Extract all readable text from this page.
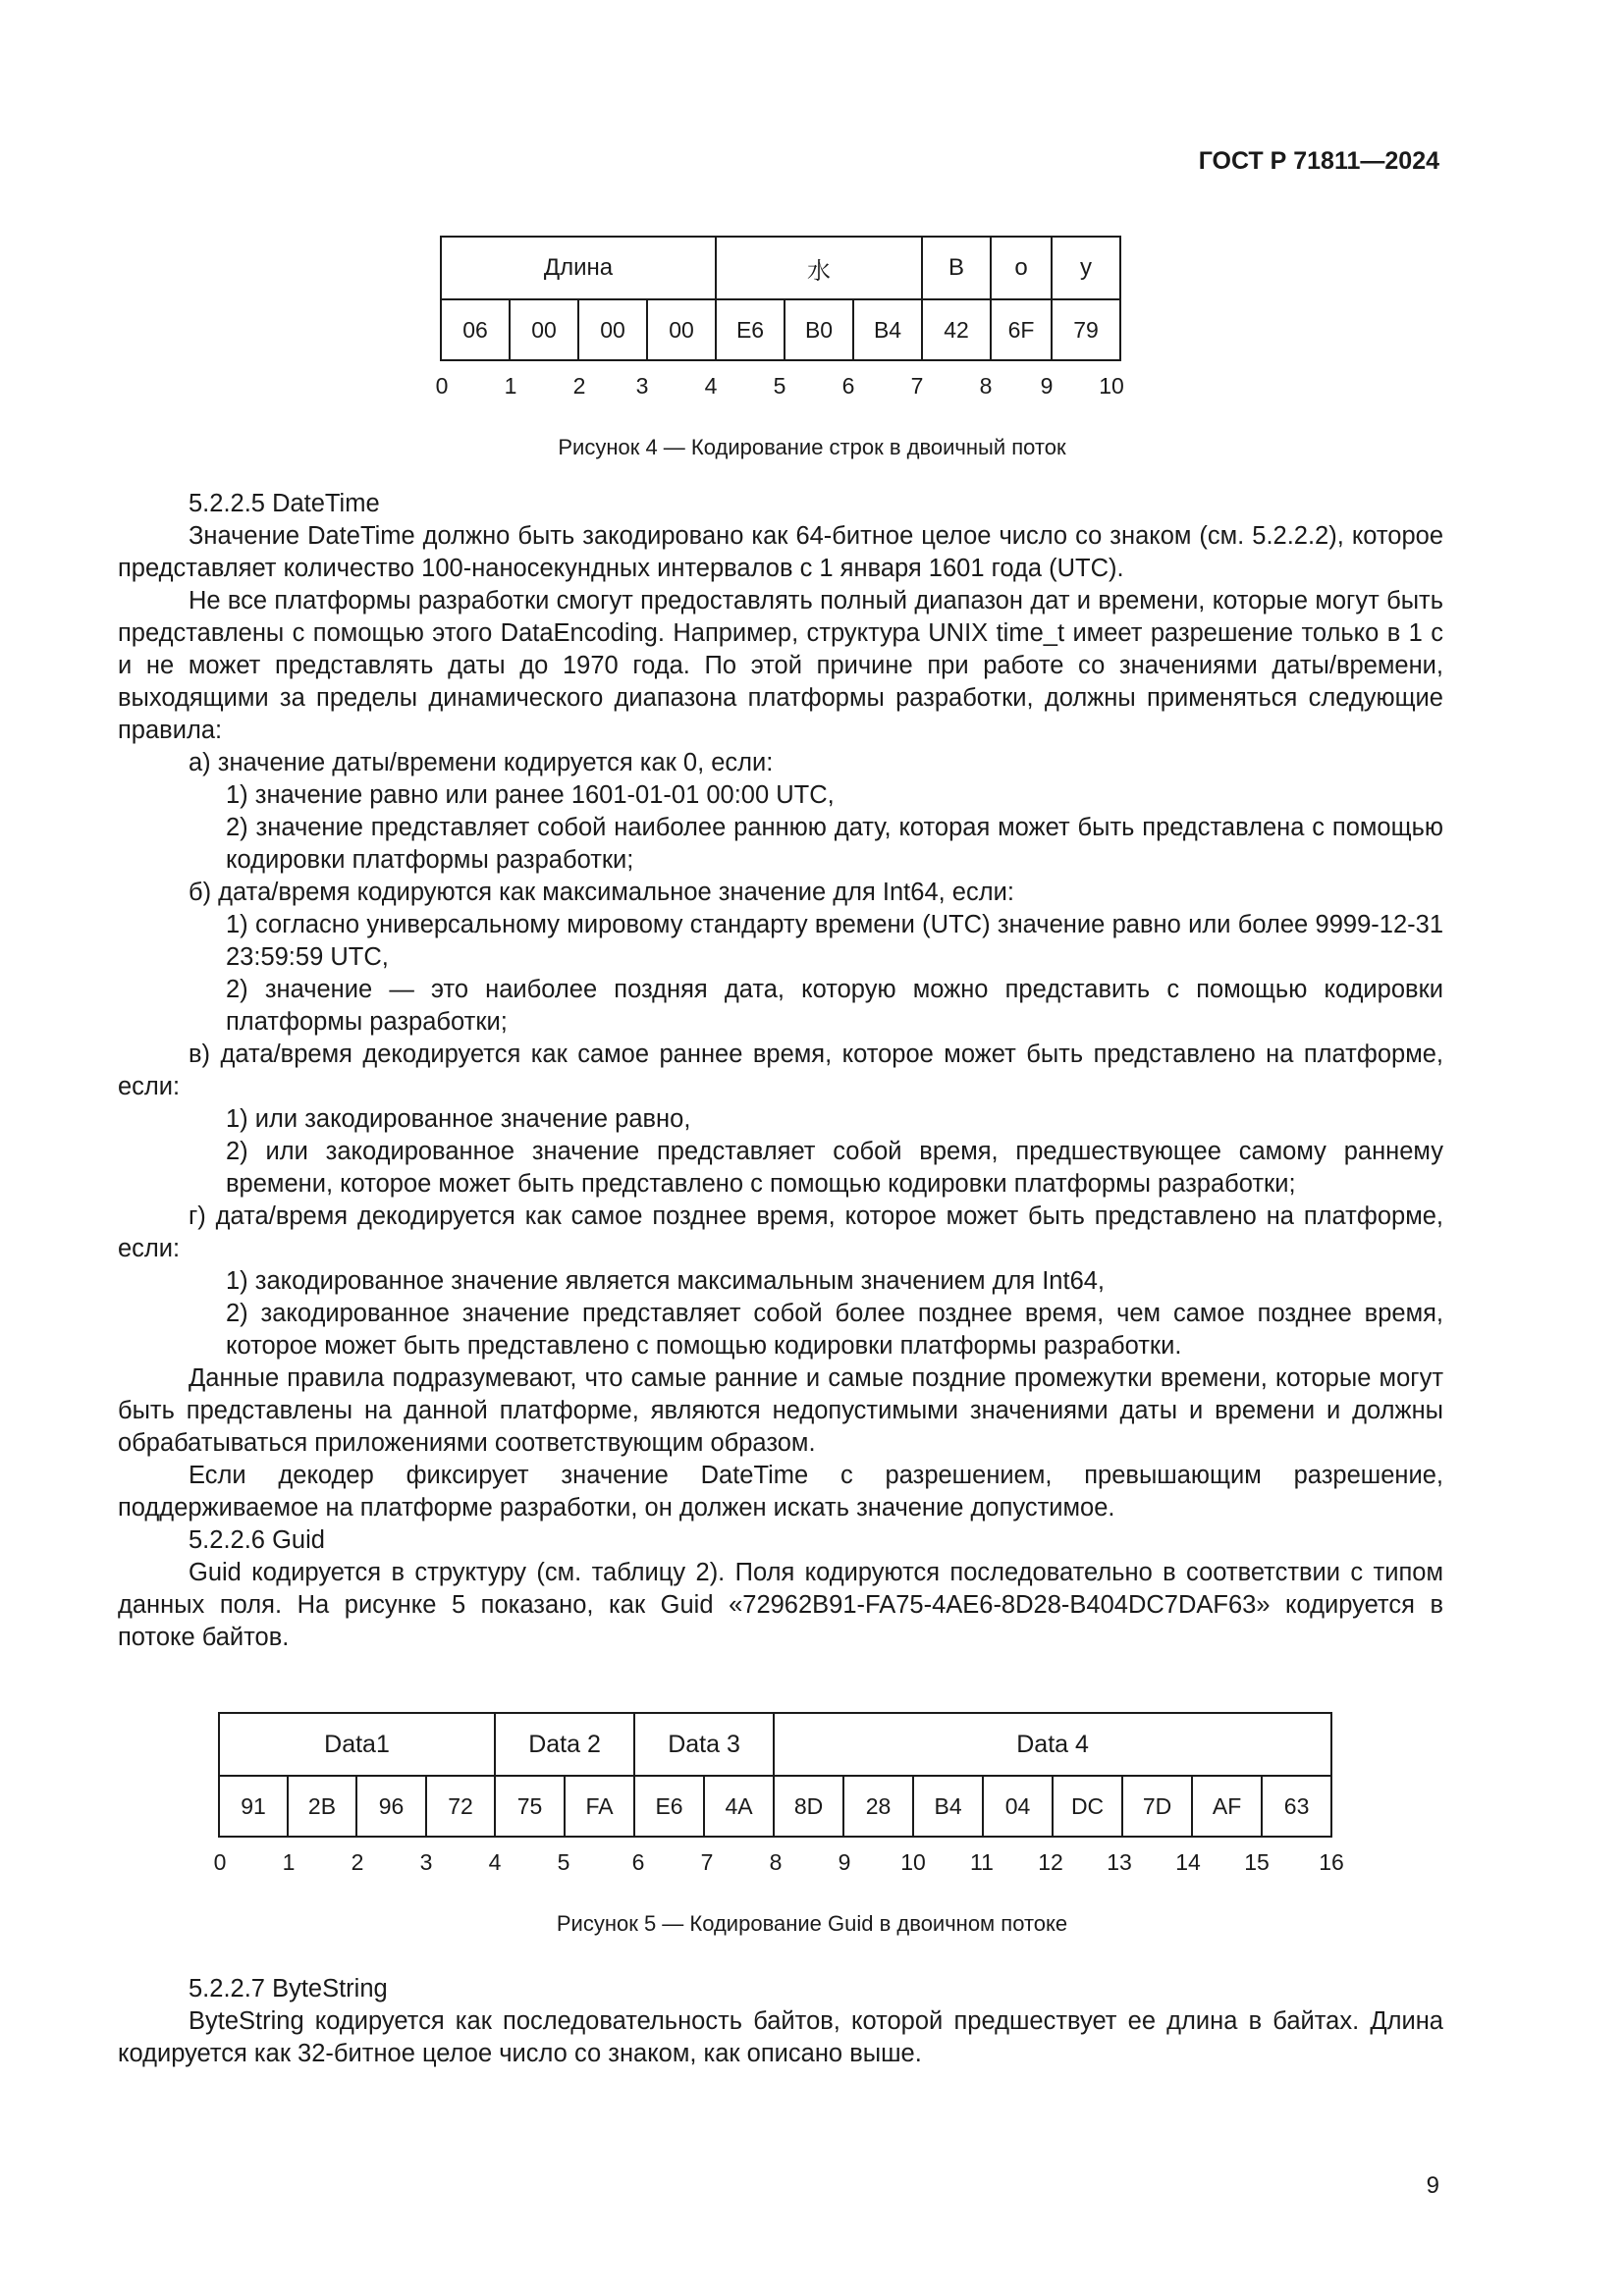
ГОСТ Р 71811—2024
Длина				水			В	о	у
06	00	00	00	E6	B0	B4	42	6F	79
0 1 2 3 4 5 6 7 8 9 10
Рисунок 4 — Кодирование строк в двоичный поток

5.2.2.5 DateTime

Значение DateTime должно быть закодировано как 64-битное целое число со знаком (см. 5.2.2.2), которое представляет количество 100-наносекундных интервалов с 1 января 1601 года (UTC).

Не все платформы разработки смогут предоставлять полный диапазон дат и времени, которые могут быть представлены с помощью этого DataEncoding. Например, структура UNIX time_t имеет разрешение только в 1 с и не может представлять даты до 1970 года. По этой причине при работе со значениями даты/времени, выходящими за пределы динамического диапазона платформы разработки, должны применяться следующие правила:

а) значение даты/времени кодируется как 0, если:

1) значение равно или ранее 1601-01-01 00:00 UTC,

2) значение представляет собой наиболее раннюю дату, которая может быть представлена с помощью кодировки платформы разработки;

б) дата/время кодируются как максимальное значение для Int64, если:

1) согласно универсальному мировому стандарту времени (UTC) значение равно или более 9999-12-31 23:59:59 UTC,

2) значение — это наиболее поздняя дата, которую можно представить с помощью кодировки платформы разработки;

в) дата/время декодируется как самое раннее время, которое может быть представлено на платформе, если:

1) или закодированное значение равно,

2) или закодированное значение представляет собой время, предшествующее самому раннему времени, которое может быть представлено с помощью кодировки платформы разработки;

г) дата/время декодируется как самое позднее время, которое может быть представлено на платформе, если:

1) закодированное значение является максимальным значением для Int64,

2) закодированное значение представляет собой более позднее время, чем самое позднее время, которое может быть представлено с помощью кодировки платформы разработки.

Данные правила подразумевают, что самые ранние и самые поздние промежутки времени, которые могут быть представлены на данной платформе, являются недопустимыми значениями даты и времени и должны обрабатываться приложениями соответствующим образом.

Если декодер фиксирует значение DateTime с разрешением, превышающим разрешение, поддерживаемое на платформе разработки, он должен искать значение допустимое.

5.2.2.6 Guid

Guid кодируется в структуру (см. таблицу 2). Поля кодируются последовательно в соответствии с типом данных поля. На рисунке 5 показано, как Guid «72962B91-FA75-4AE6-8D28-B404DC7DAF63» кодируется в потоке байтов.

Data1				Data 2		Data 3		Data 4							
91	2B	96	72	75	FA	E6	4A	8D	28	B4	04	DC	7D	AF	63
0 1 2 3 4 5	6 7 8 9 10 11 12 13 14 15 16
Рисунок 5 — Кодирование Guid в двоичном потоке

5.2.2.7 ByteString

ByteString кодируется как последовательность байтов, которой предшествует ее длина в байтах. Длина кодируется как 32-битное целое число со знаком, как описано выше.

9
